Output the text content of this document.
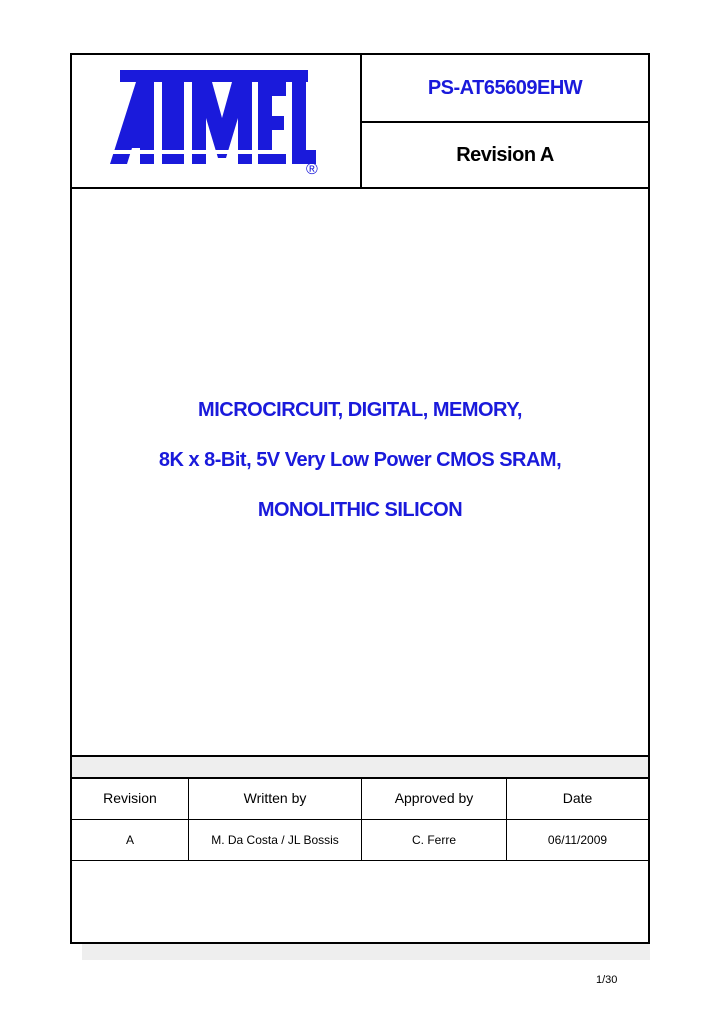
®
PS-AT65609EHW
Revision A
MICROCIRCUIT, DIGITAL, MEMORY,
8K x 8-Bit, 5V Very Low Power CMOS SRAM,
MONOLITHIC SILICON
Revision	Written by	Approved by	Date
A	M. Da Costa / JL Bossis	C. Ferre	06/11/2009
1/30
